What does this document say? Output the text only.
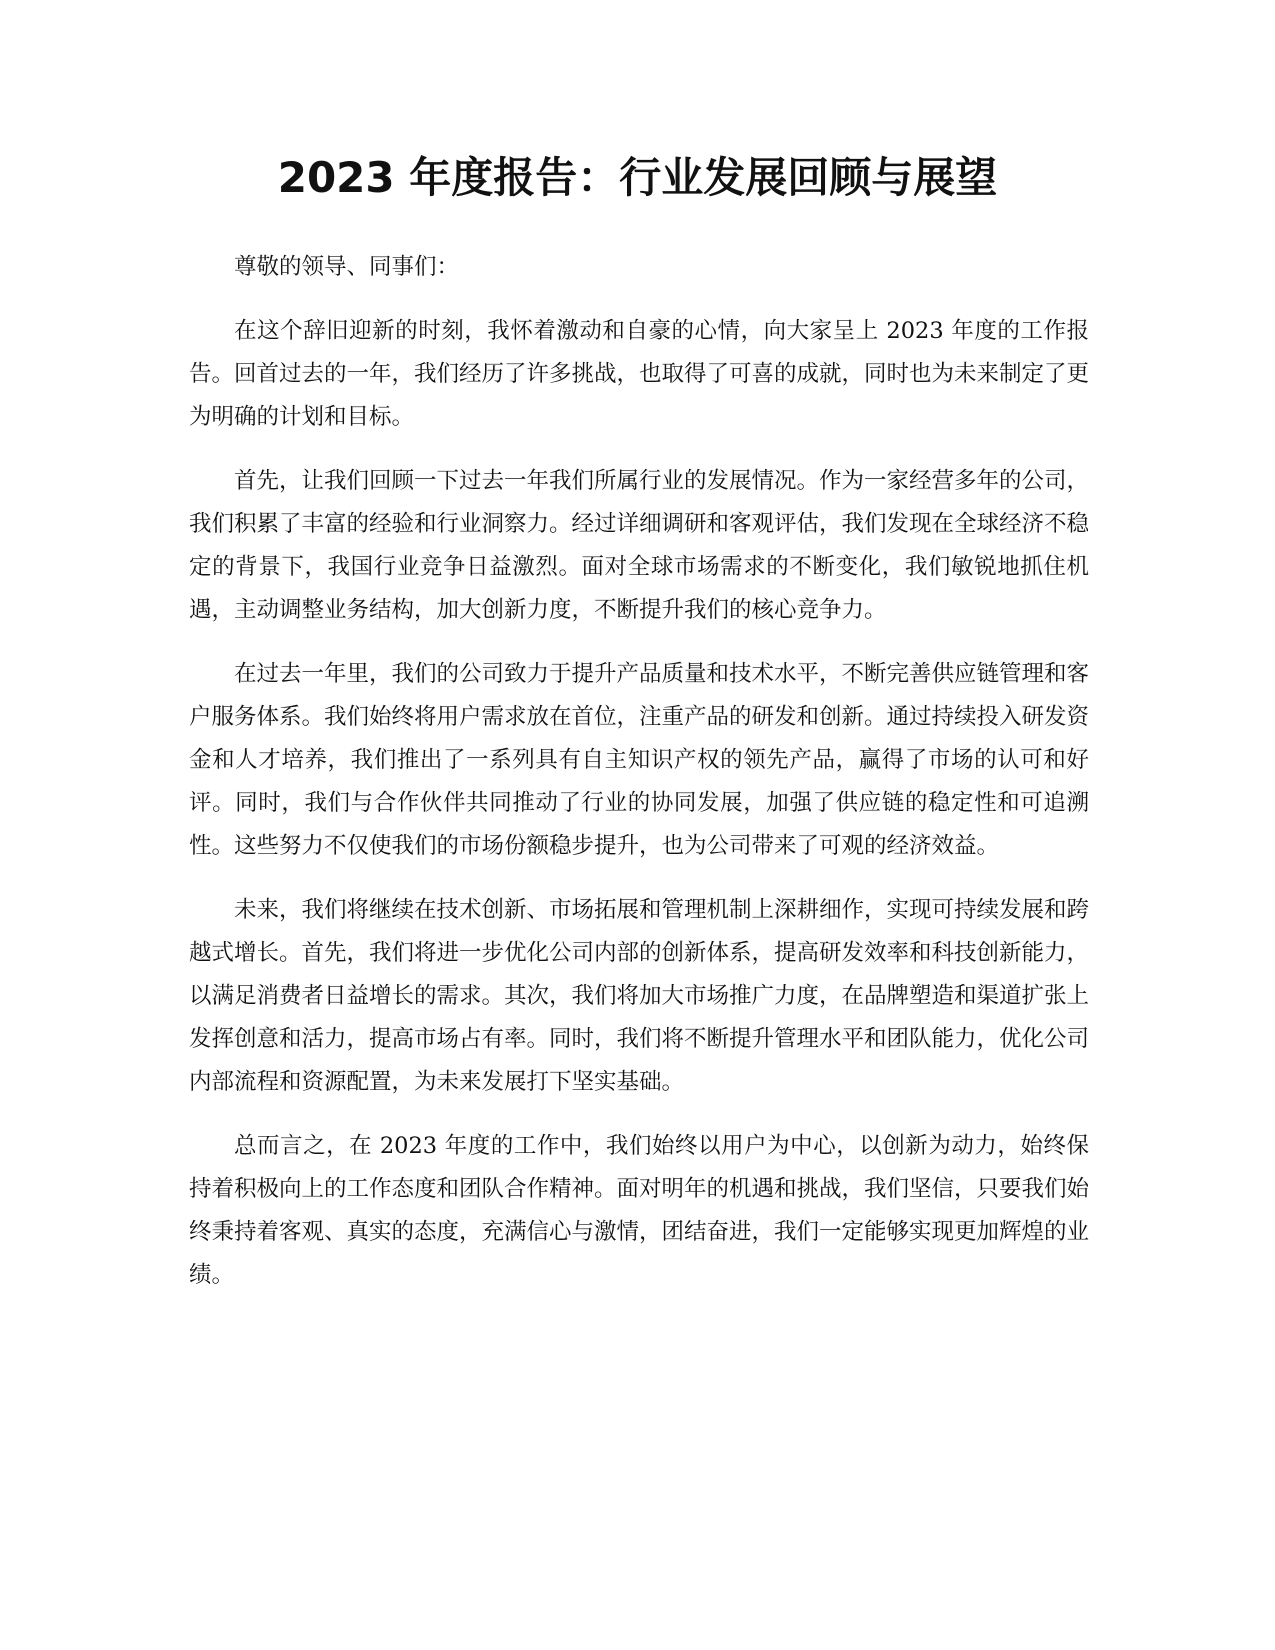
2023 年度报告：行业发展回顾与展望

尊敬的领导、同事们：

在这个辞旧迎新的时刻，我怀着激动和自豪的心情，向大家呈上 2023 年度的工作报告。回首过去的一年，我们经历了许多挑战，也取得了可喜的成就，同时也为未来制定了更为明确的计划和目标。

首先，让我们回顾一下过去一年我们所属行业的发展情况。作为一家经营多年的公司，我们积累了丰富的经验和行业洞察力。经过详细调研和客观评估，我们发现在全球经济不稳定的背景下，我国行业竞争日益激烈。面对全球市场需求的不断变化，我们敏锐地抓住机遇，主动调整业务结构，加大创新力度，不断提升我们的核心竞争力。

在过去一年里，我们的公司致力于提升产品质量和技术水平，不断完善供应链管理和客户服务体系。我们始终将用户需求放在首位，注重产品的研发和创新。通过持续投入研发资金和人才培养，我们推出了一系列具有自主知识产权的领先产品，赢得了市场的认可和好评。同时，我们与合作伙伴共同推动了行业的协同发展，加强了供应链的稳定性和可追溯性。这些努力不仅使我们的市场份额稳步提升，也为公司带来了可观的经济效益。

未来，我们将继续在技术创新、市场拓展和管理机制上深耕细作，实现可持续发展和跨越式增长。首先，我们将进一步优化公司内部的创新体系，提高研发效率和科技创新能力，以满足消费者日益增长的需求。其次，我们将加大市场推广力度，在品牌塑造和渠道扩张上发挥创意和活力，提高市场占有率。同时，我们将不断提升管理水平和团队能力，优化公司内部流程和资源配置，为未来发展打下坚实基础。

总而言之，在 2023 年度的工作中，我们始终以用户为中心，以创新为动力，始终保持着积极向上的工作态度和团队合作精神。面对明年的机遇和挑战，我们坚信，只要我们始终秉持着客观、真实的态度，充满信心与激情，团结奋进，我们一定能够实现更加辉煌的业绩。
